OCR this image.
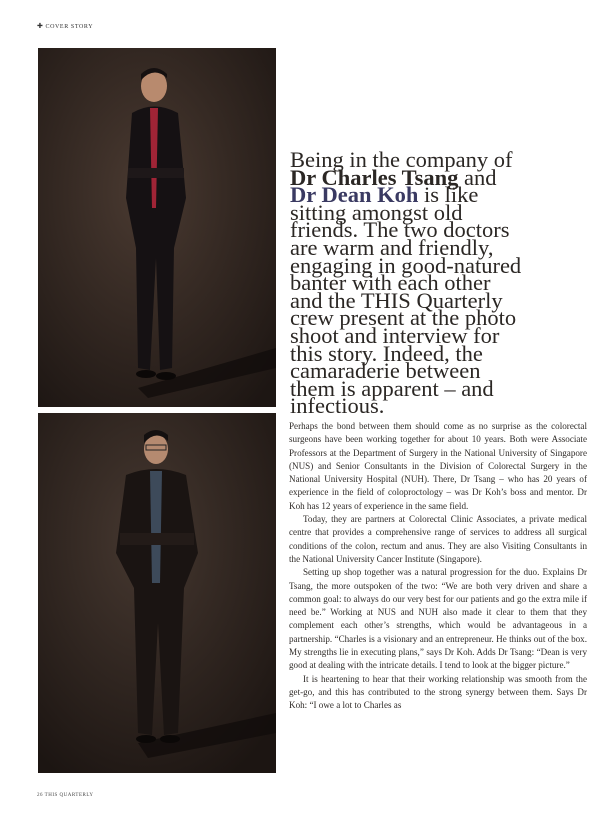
✚ COVER STORY
Being in the company of
Dr Charles Tsang and
Dr Dean Koh is like
sitting amongst old
friends. The two doctors
are warm and friendly,
engaging in good-natured
banter with each other
and the THIS Quarterly
crew present at the photo
shoot and interview for
this story. Indeed, the
camaraderie between
them is apparent – and
infectious.

Perhaps the bond between them should come as no surprise as the colorectal surgeons have been working together for about 10 years. Both were Associate Professors at the Department of Surgery in the National University of Singapore (NUS) and Senior Consultants in the Division of Colorectal Surgery in the National University Hospital (NUH). There, Dr Tsang – who has 20 years of experience in the field of coloproctology – was Dr Koh’s boss and mentor. Dr Koh has 12 years of experience in the same field.

Today, they are partners at Colorectal Clinic Associates, a private medical centre that provides a comprehensive range of services to address all surgical conditions of the colon, rectum and anus. They are also Visiting Consultants in the National University Cancer Institute (Singapore).

Setting up shop together was a natural progression for the duo. Explains Dr Tsang, the more outspoken of the two: “We are both very driven and share a common goal: to always do our very best for our patients and go the extra mile if need be.” Working at NUS and NUH also made it clear to them that they complement each other’s strengths, which would be advantageous in a partnership. “Charles is a visionary and an entrepreneur. He thinks out of the box. My strengths lie in executing plans,” says Dr Koh. Adds Dr Tsang: “Dean is very good at dealing with the intricate details. I tend to look at the bigger picture.”

It is heartening to hear that their working relationship was smooth from the get-go, and this has contributed to the strong synergy between them. Says Dr Koh: “I owe a lot to Charles as

26 THIS QUARTERLY
